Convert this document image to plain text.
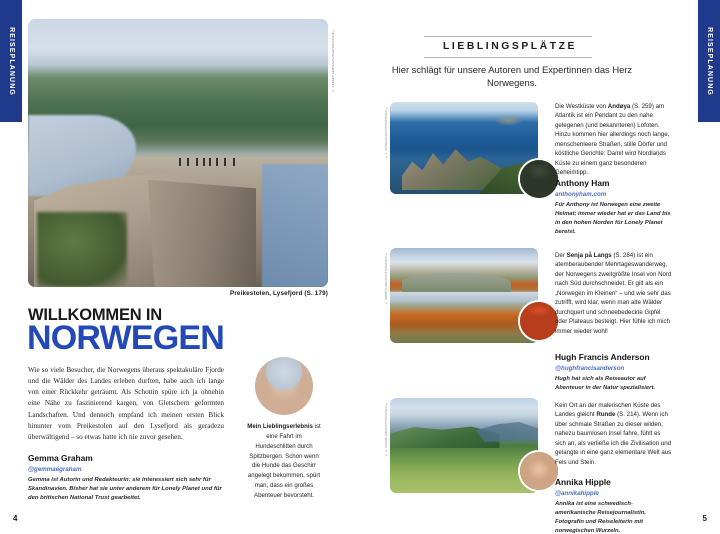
REISEPLANUNG	© ANDREY ARMYAGOV/SHUTTERSTOCK ©
Preikestolen, Lysefjord (S. 179)
WILLKOMMEN IN
NORWEGEN
Wie so viele Besucher, die Norwegens überaus spektakuläre Fjorde und die Wälder des Landes erleben durften, habe auch ich lange von einer Rückkehr geträumt. Als Schottin spüre ich ja ohnehin eine Nähe zu faszinierend kargen, von Gletschern geformten Landschaften. Und dennoch empfand ich meinen ersten Blick hinunter vom Preikestolen auf den Lysefjord als geradezu überwältigend – so etwas hatte ich nie zuvor gesehen.
Gemma Graham
@gemmaégraham
Gemma ist Autorin und Redakteurin; sie interessiert sich sehr für Skandinavien. Bisher hat sie unter anderem für Lonely Planet und für den britischen National Trust gearbeitet.
Mein Lieblingserlebnis ist eine Fahrt im Hundeschlitten durch Spitzbergen. Schon wenn die Hunde das Geschirr angelegt bekommen, spürt man, dass ein großes Abenteuer bevorsteht.
4
REISEPLANUNG
LIEBLINGSPLÄTZE
Hier schlägt für unsere Autoren und Expertinnen das Herz Norwegens.
© T. SCHNEIDER/SHUTTERSTOCK ©	Die Westküste von Andøya (S. 259) am Atlantik ist ein Pendant zu den nahe gelegenen (und bekannteren) Lofoten. Hinzu kommen hier allerdings noch lange, menschenleere Straßen, stille Dörfer und köstliche Gerichte: Damit wird Nordlands Küste zu einem ganz besonderen Geheimtipp.
Anthony Ham
anthonyham.com
Für Anthony ist Norwegen eine zweite Heimat; immer wieder hat er das Land bis in den hohen Norden für Lonely Planet bereist.
© ROBIN RUNCK/SHUTTERSTOCK ©	Der Senja på Langs (S. 284) ist ein atemberaubender Mehrtageswanderweg, der Norwegens zweitgrößte Insel von Nord nach Süd durchschneidet. Er gilt als ein „Norwegen im Kleinen“ – und wie sehr das zutrifft, wird klar, wenn man alte Wälder durchquert und schneebedeckte Gipfel oder Plateaus besteigt. Hier fühle ich mich immer wieder wohl!
Hugh Francis Anderson
@hughfrancisanderson
Hugh hat sich als Reiseautor auf Abenteuer in der Natur spezialisiert.
© E. STEINSLAND/SHUTTERSTOCK ©	Kein Ort an der malerischen Küste des Landes gleicht Runde (S. 214). Wenn ich über schmale Straßen zu dieser wilden, nahezu baumlosen Insel fahre, fühlt es sich an, als verließe ich die Zivilisation und gelangte in eine ganz elementare Welt aus Fels und Stein.
Annika Hipple
@annikahipple
Annika ist eine schwedisch-amerikanische Reisejournalistin, Fotografin und Reiseleiterin mit norwegischen Wurzeln.
5
